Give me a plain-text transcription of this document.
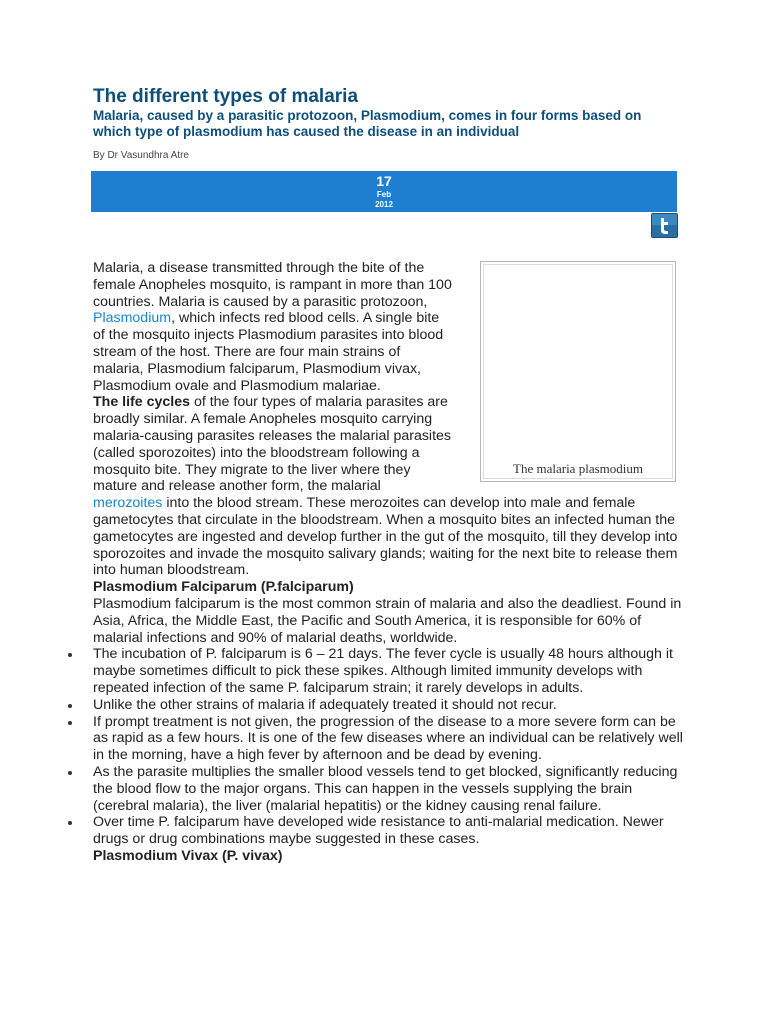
The different types of malaria

Malaria, caused by a parasitic protozoon, Plasmodium, comes in four forms based on which type of plasmodium has caused the disease in an individual

By Dr Vasundhra Atre

17
Feb
2012
The malaria plasmodium

Malaria, a disease transmitted through the bite of the female Anopheles mosquito, is rampant in more than 100 countries. Malaria is caused by a parasitic protozoon, Plasmodium, which infects red blood cells. A single bite of the mosquito injects Plasmodium parasites into blood stream of the host. There are four main strains of malaria, Plasmodium falciparum, Plasmodium vivax, Plasmodium ovale and Plasmodium malariae.

The life cycles of the four types of malaria parasites are broadly similar. A female Anopheles mosquito carrying malaria-causing parasites releases the malarial parasites (called sporozoites) into the bloodstream following a mosquito bite. They migrate to the liver where they mature and release another form, the malarial merozoites into the blood stream. These merozoites can develop into male and female gametocytes that circulate in the bloodstream. When a mosquito bites an infected human the gametocytes are ingested and develop further in the gut of the mosquito, till they develop into sporozoites and invade the mosquito salivary glands; waiting for the next bite to release them into human bloodstream.

Plasmodium Falciparum (P.falciparum)

Plasmodium falciparum is the most common strain of malaria and also the deadliest. Found in Asia, Africa, the Middle East, the Pacific and South America, it is responsible for 60% of malarial infections and 90% of malarial deaths, worldwide.

The incubation of P. falciparum is 6 – 21 days. The fever cycle is usually 48 hours although it maybe sometimes difficult to pick these spikes. Although limited immunity develops with repeated infection of the same P. falciparum strain; it rarely develops in adults.
Unlike the other strains of malaria if adequately treated it should not recur.
If prompt treatment is not given, the progression of the disease to a more severe form can be as rapid as a few hours. It is one of the few diseases where an individual can be relatively well in the morning, have a high fever by afternoon and be dead by evening.
As the parasite multiplies the smaller blood vessels tend to get blocked, significantly reducing the blood flow to the major organs. This can happen in the vessels supplying the brain (cerebral malaria), the liver (malarial hepatitis) or the kidney causing renal failure.
Over time P. falciparum have developed wide resistance to anti-malarial medication. Newer drugs or drug combinations maybe suggested in these cases.

Plasmodium Vivax (P. vivax)
